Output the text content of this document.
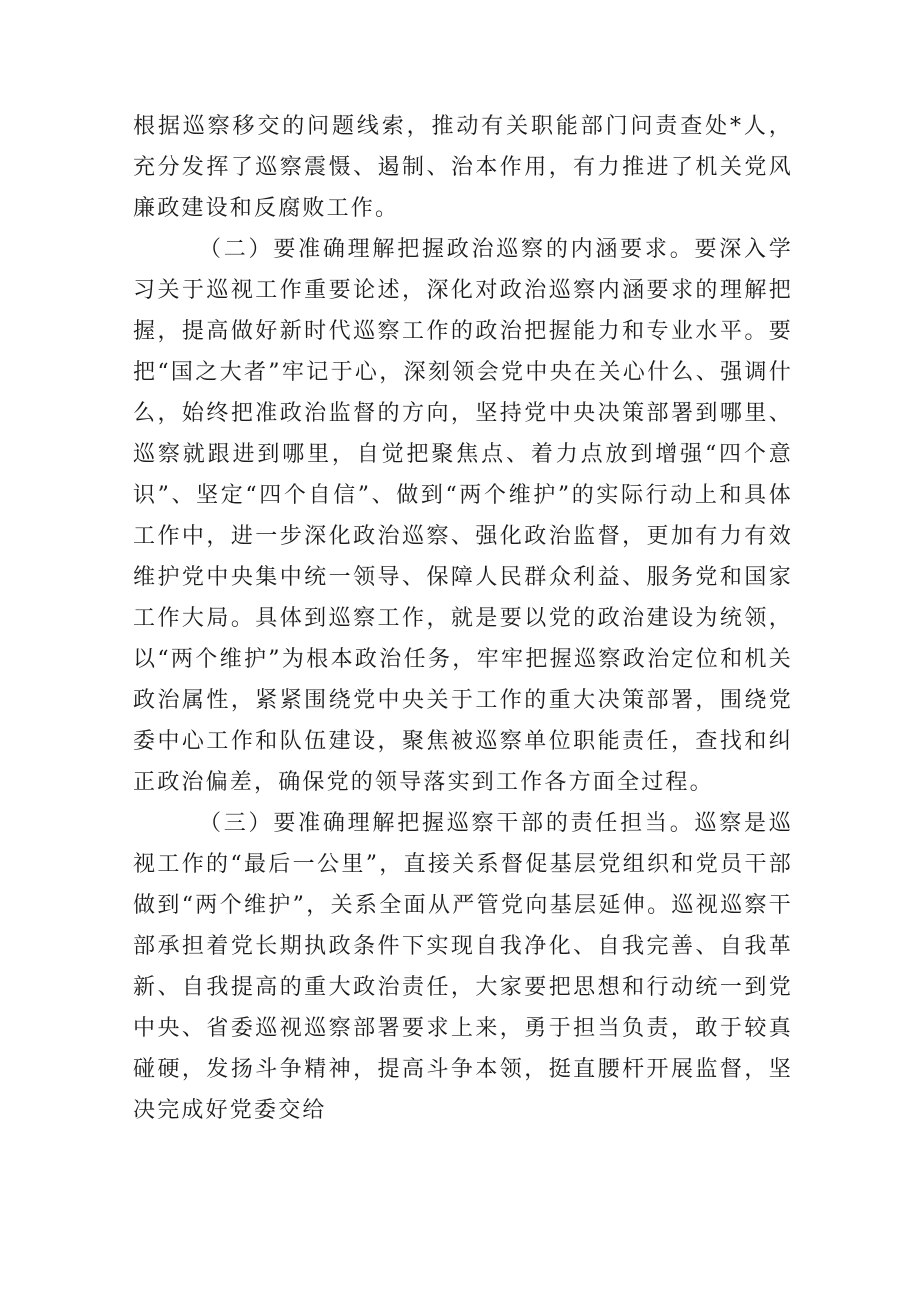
根据巡察移交的问题线索，推动有关职能部门问责查处*人，充分发挥了巡察震慑、遏制、治本作用，有力推进了机关党风廉政建设和反腐败工作。

（二）要准确理解把握政治巡察的内涵要求。要深入学习关于巡视工作重要论述，深化对政治巡察内涵要求的理解把握，提高做好新时代巡察工作的政治把握能力和专业水平。要把“国之大者”牢记于心，深刻领会党中央在关心什么、强调什么，始终把准政治监督的方向，坚持党中央决策部署到哪里、巡察就跟进到哪里，自觉把聚焦点、着力点放到增强“四个意识”、坚定“四个自信”、做到“两个维护”的实际行动上和具体工作中，进一步深化政治巡察、强化政治监督，更加有力有效维护党中央集中统一领导、保障人民群众利益、服务党和国家工作大局。具体到巡察工作，就是要以党的政治建设为统领，以“两个维护”为根本政治任务，牢牢把握巡察政治定位和机关政治属性，紧紧围绕党中央关于工作的重大决策部署，围绕党委中心工作和队伍建设，聚焦被巡察单位职能责任，查找和纠正政治偏差，确保党的领导落实到工作各方面全过程。

（三）要准确理解把握巡察干部的责任担当。巡察是巡视工作的“最后一公里”，直接关系督促基层党组织和党员干部做到“两个维护”，关系全面从严管党向基层延伸。巡视巡察干部承担着党长期执政条件下实现自我净化、自我完善、自我革新、自我提高的重大政治责任，大家要把思想和行动统一到党中央、省委巡视巡察部署要求上来，勇于担当负责，敢于较真碰硬，发扬斗争精神，提高斗争本领，挺直腰杆开展监督，坚决完成好党委交给
